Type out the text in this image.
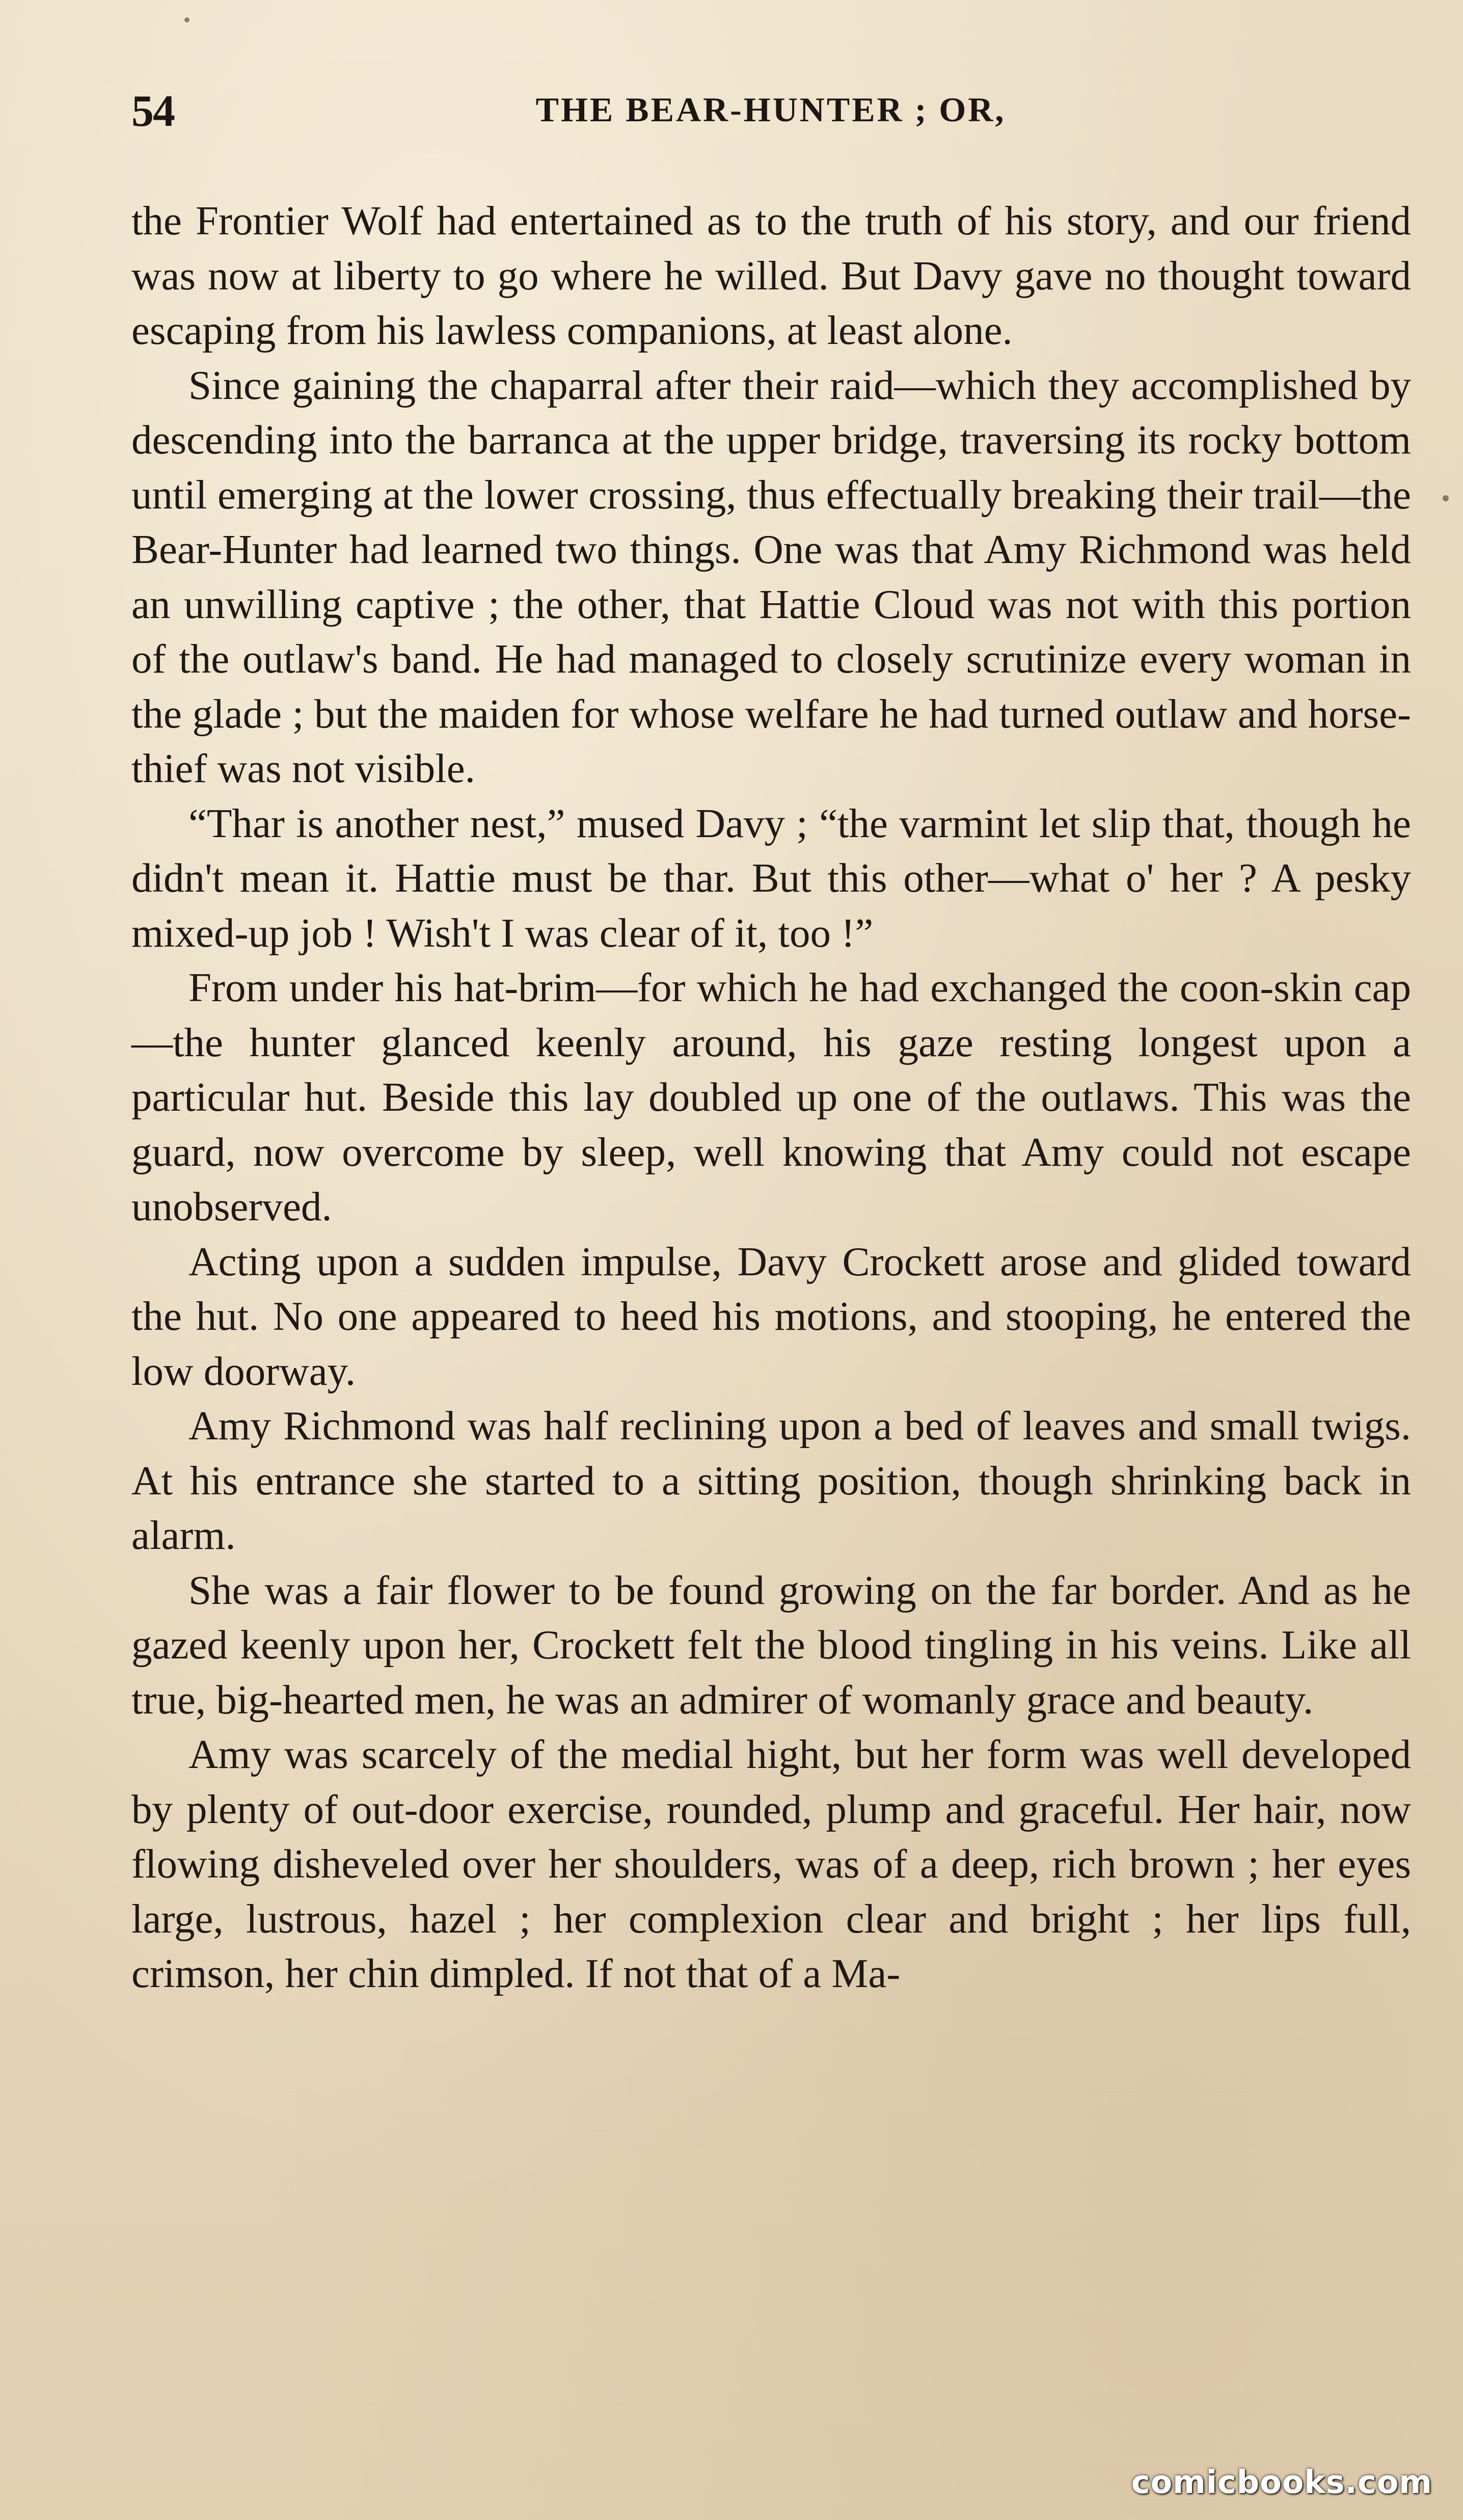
54	THE BEAR-HUNTER ; OR,

the Frontier Wolf had entertained as to the truth of his story, and our friend was now at liberty to go where he willed. But Davy gave no thought toward escaping from his lawless companions, at least alone.

Since gaining the chaparral after their raid—which they accomplished by descending into the barranca at the upper bridge, traversing its rocky bottom until emerging at the lower crossing, thus effectually breaking their trail—the Bear-Hunter had learned two things. One was that Amy Richmond was held an unwilling captive ; the other, that Hattie Cloud was not with this portion of the outlaw's band. He had managed to closely scrutinize every woman in the glade ; but the maiden for whose welfare he had turned outlaw and horse-thief was not visible.

“Thar is another nest,” mused Davy ; “the varmint let slip that, though he didn't mean it. Hattie must be thar. But this other—what o' her ? A pesky mixed-up job ! Wish't I was clear of it, too !”

From under his hat-brim—for which he had exchanged the coon-skin cap—the hunter glanced keenly around, his gaze resting longest upon a particular hut. Beside this lay doubled up one of the outlaws. This was the guard, now overcome by sleep, well knowing that Amy could not escape unobserved.

Acting upon a sudden impulse, Davy Crockett arose and glided toward the hut. No one appeared to heed his motions, and stooping, he entered the low doorway.

Amy Richmond was half reclining upon a bed of leaves and small twigs. At his entrance she started to a sitting position, though shrinking back in alarm.

She was a fair flower to be found growing on the far border. And as he gazed keenly upon her, Crockett felt the blood tingling in his veins. Like all true, big-hearted men, he was an admirer of womanly grace and beauty.

Amy was scarcely of the medial hight, but her form was well developed by plenty of out-door exercise, rounded, plump and graceful. Her hair, now flowing disheveled over her shoulders, was of a deep, rich brown ; her eyes large, lustrous, hazel ; her complexion clear and bright ; her lips full, crimson, her chin dimpled. If not that of a Ma-

comicbooks.com
